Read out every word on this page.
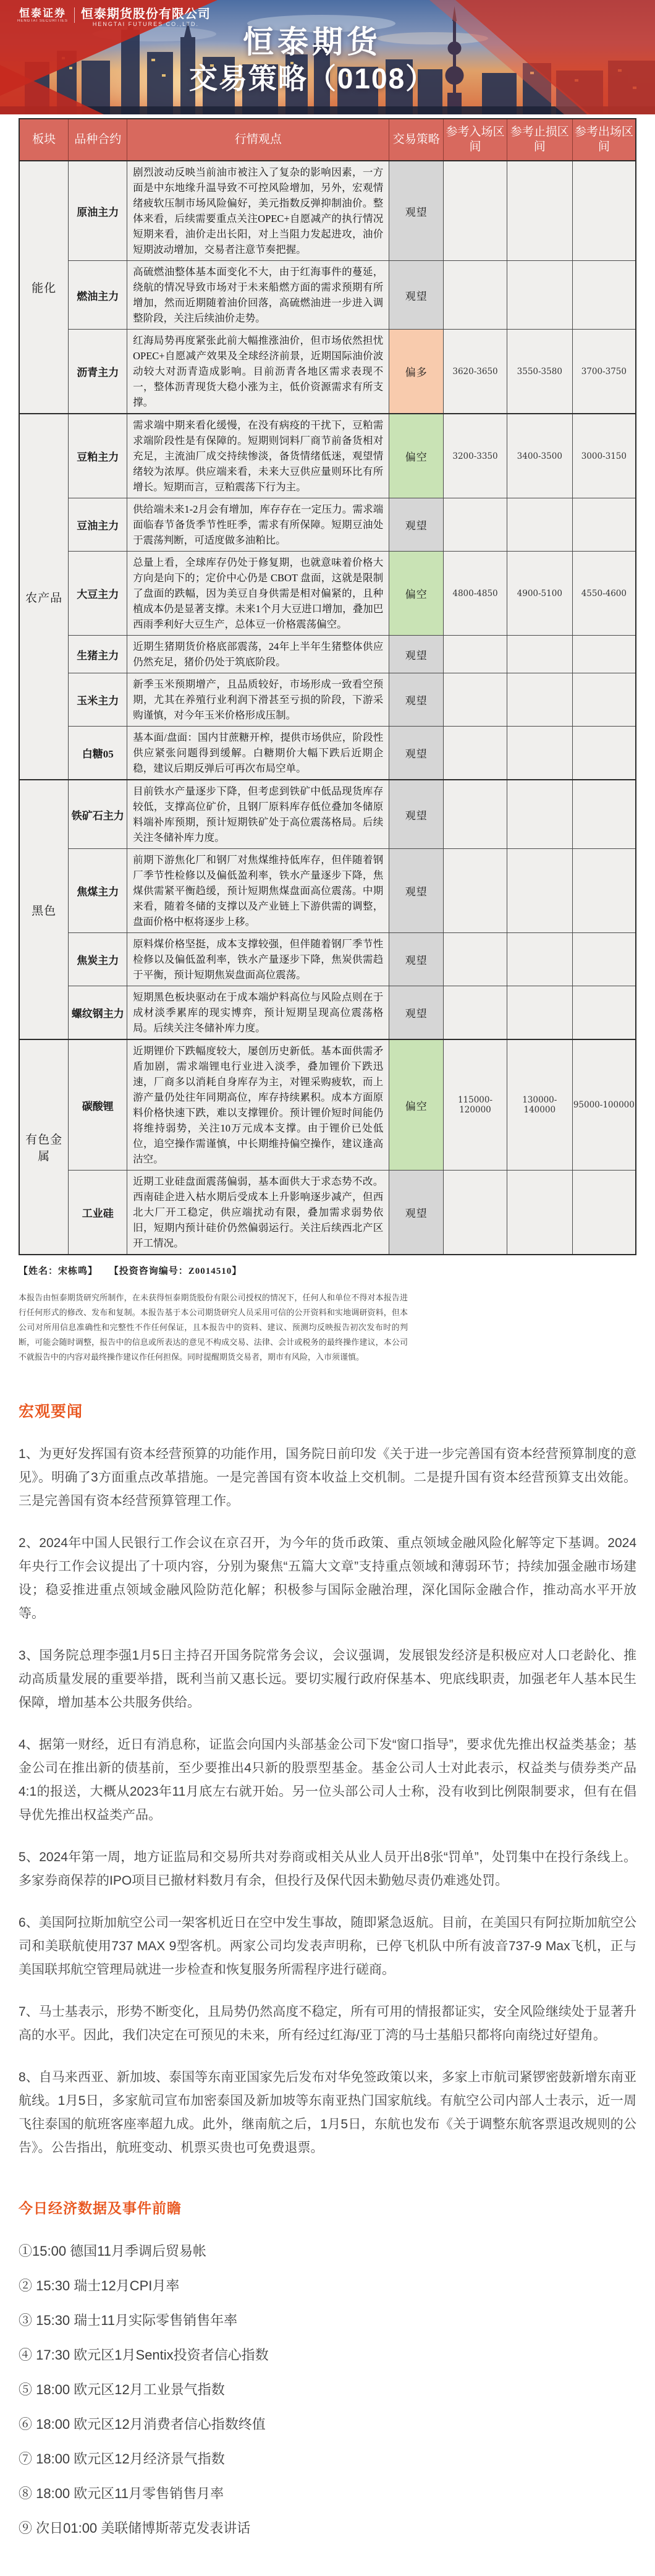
恒泰证券
HENGTAI SECURITIES 恒泰期货股份有限公司
HENGTAI FUTURES CO.,LTD.
恒泰期货
交易策略（0108）
板块	品种合约	行情观点	交易策略	参考入场区间	参考止损区间	参考出场区间
能化	原油主力	剧烈波动反映当前油市被注入了复杂的影响因素，一方面是中东地缘升温导致不可控风险增加，另外，宏观情绪疲软压制市场风险偏好，美元指数反弹抑制油价。整体来看，后续需要重点关注OPEC+自愿减产的执行情况短期来看，油价走出长阳，对上当阻力发起进攻，油价短期波动增加，交易者注意节奏把握。	观望			
	燃油主力	高硫燃油整体基本面变化不大，由于红海事件的蔓延，绕航的情况导致市场对于未来船燃方面的需求预期有所增加，然而近期随着油价回落，高硫燃油进一步进入调整阶段，关注后续油价走势。	观望			
	沥青主力	红海局势再度紧张此前大幅推涨油价，但市场依然担忧OPEC+自愿减产效果及全球经济前景，近期国际油价波动较大对沥青造成影响。目前沥青各地区需求表现不一，整体沥青现货大稳小涨为主，低价资源需求有所支撑。	偏多	3620-3650	3550-3580	3700-3750
农产品	豆粕主力	需求端中期来看化缓慢，在没有病疫的干扰下，豆粕需求端阶段性是有保障的。短期则饲料厂商节前备货相对充足，主流油厂成交持续惨淡，备货情绪低迷，观望情绪较为浓厚。供应端来看，未来大豆供应量则环比有所增长。短期而言，豆粕震荡下行为主。	偏空	3200-3350	3400-3500	3000-3150
	豆油主力	供给端未来1-2月会有增加，库存存在一定压力。需求端面临春节备货季节性旺季，需求有所保障。短期豆油处于震荡判断，可适度做多油粕比。	观望			
	大豆主力	总量上看，全球库存仍处于修复期，也就意味着价格大方向是向下的；定价中心仍是 CBOT 盘面，这就是限制了盘面的跌幅，因为美豆自身供需是相对偏紧的，且种植成本仍是显著支撑。未来1个月大豆进口增加，叠加巴西雨季利好大豆生产，总体豆一价格震荡偏空。	偏空	4800-4850	4900-5100	4550-4600
	生猪主力	近期生猪期货价格底部震荡，24年上半年生猪整体供应仍然充足，猪价仍处于筑底阶段。	观望			
	玉米主力	新季玉米预期增产，且品质较好，市场形成一致看空预期，尤其在养殖行业利润下滑甚至亏损的阶段，下游采购谨慎，对今年玉米价格形成压制。	观望			
	白糖05	基本面/盘面：国内甘蔗糖开榨，提供市场供应，阶段性供应紧张问题得到缓解。白糖期价大幅下跌后近期企稳，建议后期反弹后可再次布局空单。	观望			
黑色	铁矿石主力	目前铁水产量逐步下降，但考虑到铁矿中低品现货库存较低，支撑高位矿价，且钢厂原料库存低位叠加冬储原料端补库预期，预计短期铁矿处于高位震荡格局。后续关注冬储补库力度。	观望			
	焦煤主力	前期下游焦化厂和钢厂对焦煤维持低库存，但伴随着钢厂季节性检修以及偏低盈利率，铁水产量逐步下降，焦煤供需紧平衡趋缓，预计短期焦煤盘面高位震荡。中期来看，随着冬储的支撑以及产业链上下游供需的调整，盘面价格中枢将逐步上移。	观望			
	焦炭主力	原料煤价格坚挺，成本支撑较强，但伴随着钢厂季节性检修以及偏低盈利率，铁水产量逐步下降，焦炭供需趋于平衡，预计短期焦炭盘面高位震荡。	观望			
	螺纹钢主力	短期黑色板块驱动在于成本端炉料高位与风险点则在于成材淡季累库的现实博弈，预计短期呈现高位震荡格局。后续关注冬储补库力度。	观望			
有色金属	碳酸锂	近期锂价下跌幅度较大，屡创历史新低。基本面供需矛盾加剧，需求端锂电行业进入淡季，叠加锂价下跌迅速，厂商多以消耗自身库存为主，对锂采购疲软，而上游产量仍处往年同期高位，库存持续累积。成本方面原料价格快速下跌，难以支撑锂价。预计锂价短时间能仍将维持弱势，关注10万元成本支撑。由于锂价已处低位，追空操作需谨慎，中长期维持偏空操作，建议逢高沽空。	偏空	115000-120000	130000-140000	95000-100000
	工业硅	近期工业硅盘面震荡偏弱，基本面供大于求态势不改。西南硅企进入枯水期后受成本上升影响逐步减产，但西北大厂开工稳定，供应端扰动有限，叠加需求弱势依旧，短期内预计硅价仍然偏弱运行。关注后续西北产区开工情况。	观望			
【姓名：宋栋鸣】 【投资咨询编号：Z0014510】
本报告由恒泰期货研究所制作，在未获得恒泰期货股份有限公司授权的情况下，任何人和单位不得对本报告进行任何形式的修改、发布和复制。本报告基于本公司期货研究人员采用可信的公开资料和实地调研资料，但本公司对所用信息准确性和完整性不作任何保证，且本报告中的资料、建议、预测均反映报告初次发布时的判断，可能会随时调整，报告中的信息或所表达的意见不构成交易、法律、会计或税务的最终操作建议，本公司不就报告中的内容对最终操作建议作任何担保。同时提醒期货交易者，期市有风险，入市须谨慎。
宏观要闻

1、为更好发挥国有资本经营预算的功能作用，国务院日前印发《关于进一步完善国有资本经营预算制度的意见》。明确了3方面重点改革措施。一是完善国有资本收益上交机制。二是提升国有资本经营预算支出效能。三是完善国有资本经营预算管理工作。

2、2024年中国人民银行工作会议在京召开，为今年的货币政策、重点领域金融风险化解等定下基调。2024年央行工作会议提出了十项内容，分别为聚焦“五篇大文章”支持重点领域和薄弱环节；持续加强金融市场建设；稳妥推进重点领域金融风险防范化解；积极参与国际金融治理，深化国际金融合作，推动高水平开放等。

3、国务院总理李强1月5日主持召开国务院常务会议，会议强调，发展银发经济是积极应对人口老龄化、推动高质量发展的重要举措，既利当前又惠长远。要切实履行政府保基本、兜底线职责，加强老年人基本民生保障，增加基本公共服务供给。

4、据第一财经，近日有消息称，证监会向国内头部基金公司下发“窗口指导”，要求优先推出权益类基金；基金公司在推出新的债基前，至少要推出4只新的股票型基金。基金公司人士对此表示，权益类与债券类产品4:1的报送，大概从2023年11月底左右就开始。另一位头部公司人士称，没有收到比例限制要求，但有在倡导优先推出权益类产品。

5、2024年第一周，地方证监局和交易所共对券商或相关从业人员开出8张“罚单”，处罚集中在投行条线上。多家券商保荐的IPO项目已撤材料数月有余，但投行及保代因未勤勉尽责仍难逃处罚。

6、美国阿拉斯加航空公司一架客机近日在空中发生事故，随即紧急返航。目前，在美国只有阿拉斯加航空公司和美联航使用737 MAX 9型客机。两家公司均发表声明称，已停飞机队中所有波音737-9 Max飞机，正与美国联邦航空管理局就进一步检查和恢复服务所需程序进行磋商。

7、马士基表示，形势不断变化，且局势仍然高度不稳定，所有可用的情报都证实，安全风险继续处于显著升高的水平。因此，我们决定在可预见的未来，所有经过红海/亚丁湾的马士基船只都将向南绕过好望角。

8、自马来西亚、新加坡、泰国等东南亚国家先后发布对华免签政策以来，多家上市航司紧锣密鼓新增东南亚航线。1月5日，多家航司宣布加密泰国及新加坡等东南亚热门国家航线。有航空公司内部人士表示，近一周飞往泰国的航班客座率超九成。此外，继南航之后，1月5日，东航也发布《关于调整东航客票退改规则的公告》。公告指出，航班变动、机票买贵也可免费退票。

今日经济数据及事件前瞻
①15:00 德国11月季调后贸易帐
② 15:30 瑞士12月CPI月率
③ 15:30 瑞士11月实际零售销售年率
④ 17:30 欧元区1月Sentix投资者信心指数
⑤ 18:00 欧元区12月工业景气指数
⑥ 18:00 欧元区12月消费者信心指数终值
⑦ 18:00 欧元区12月经济景气指数
⑧ 18:00 欧元区11月零售销售月率
⑨ 次日01:00 美联储博斯蒂克发表讲话
